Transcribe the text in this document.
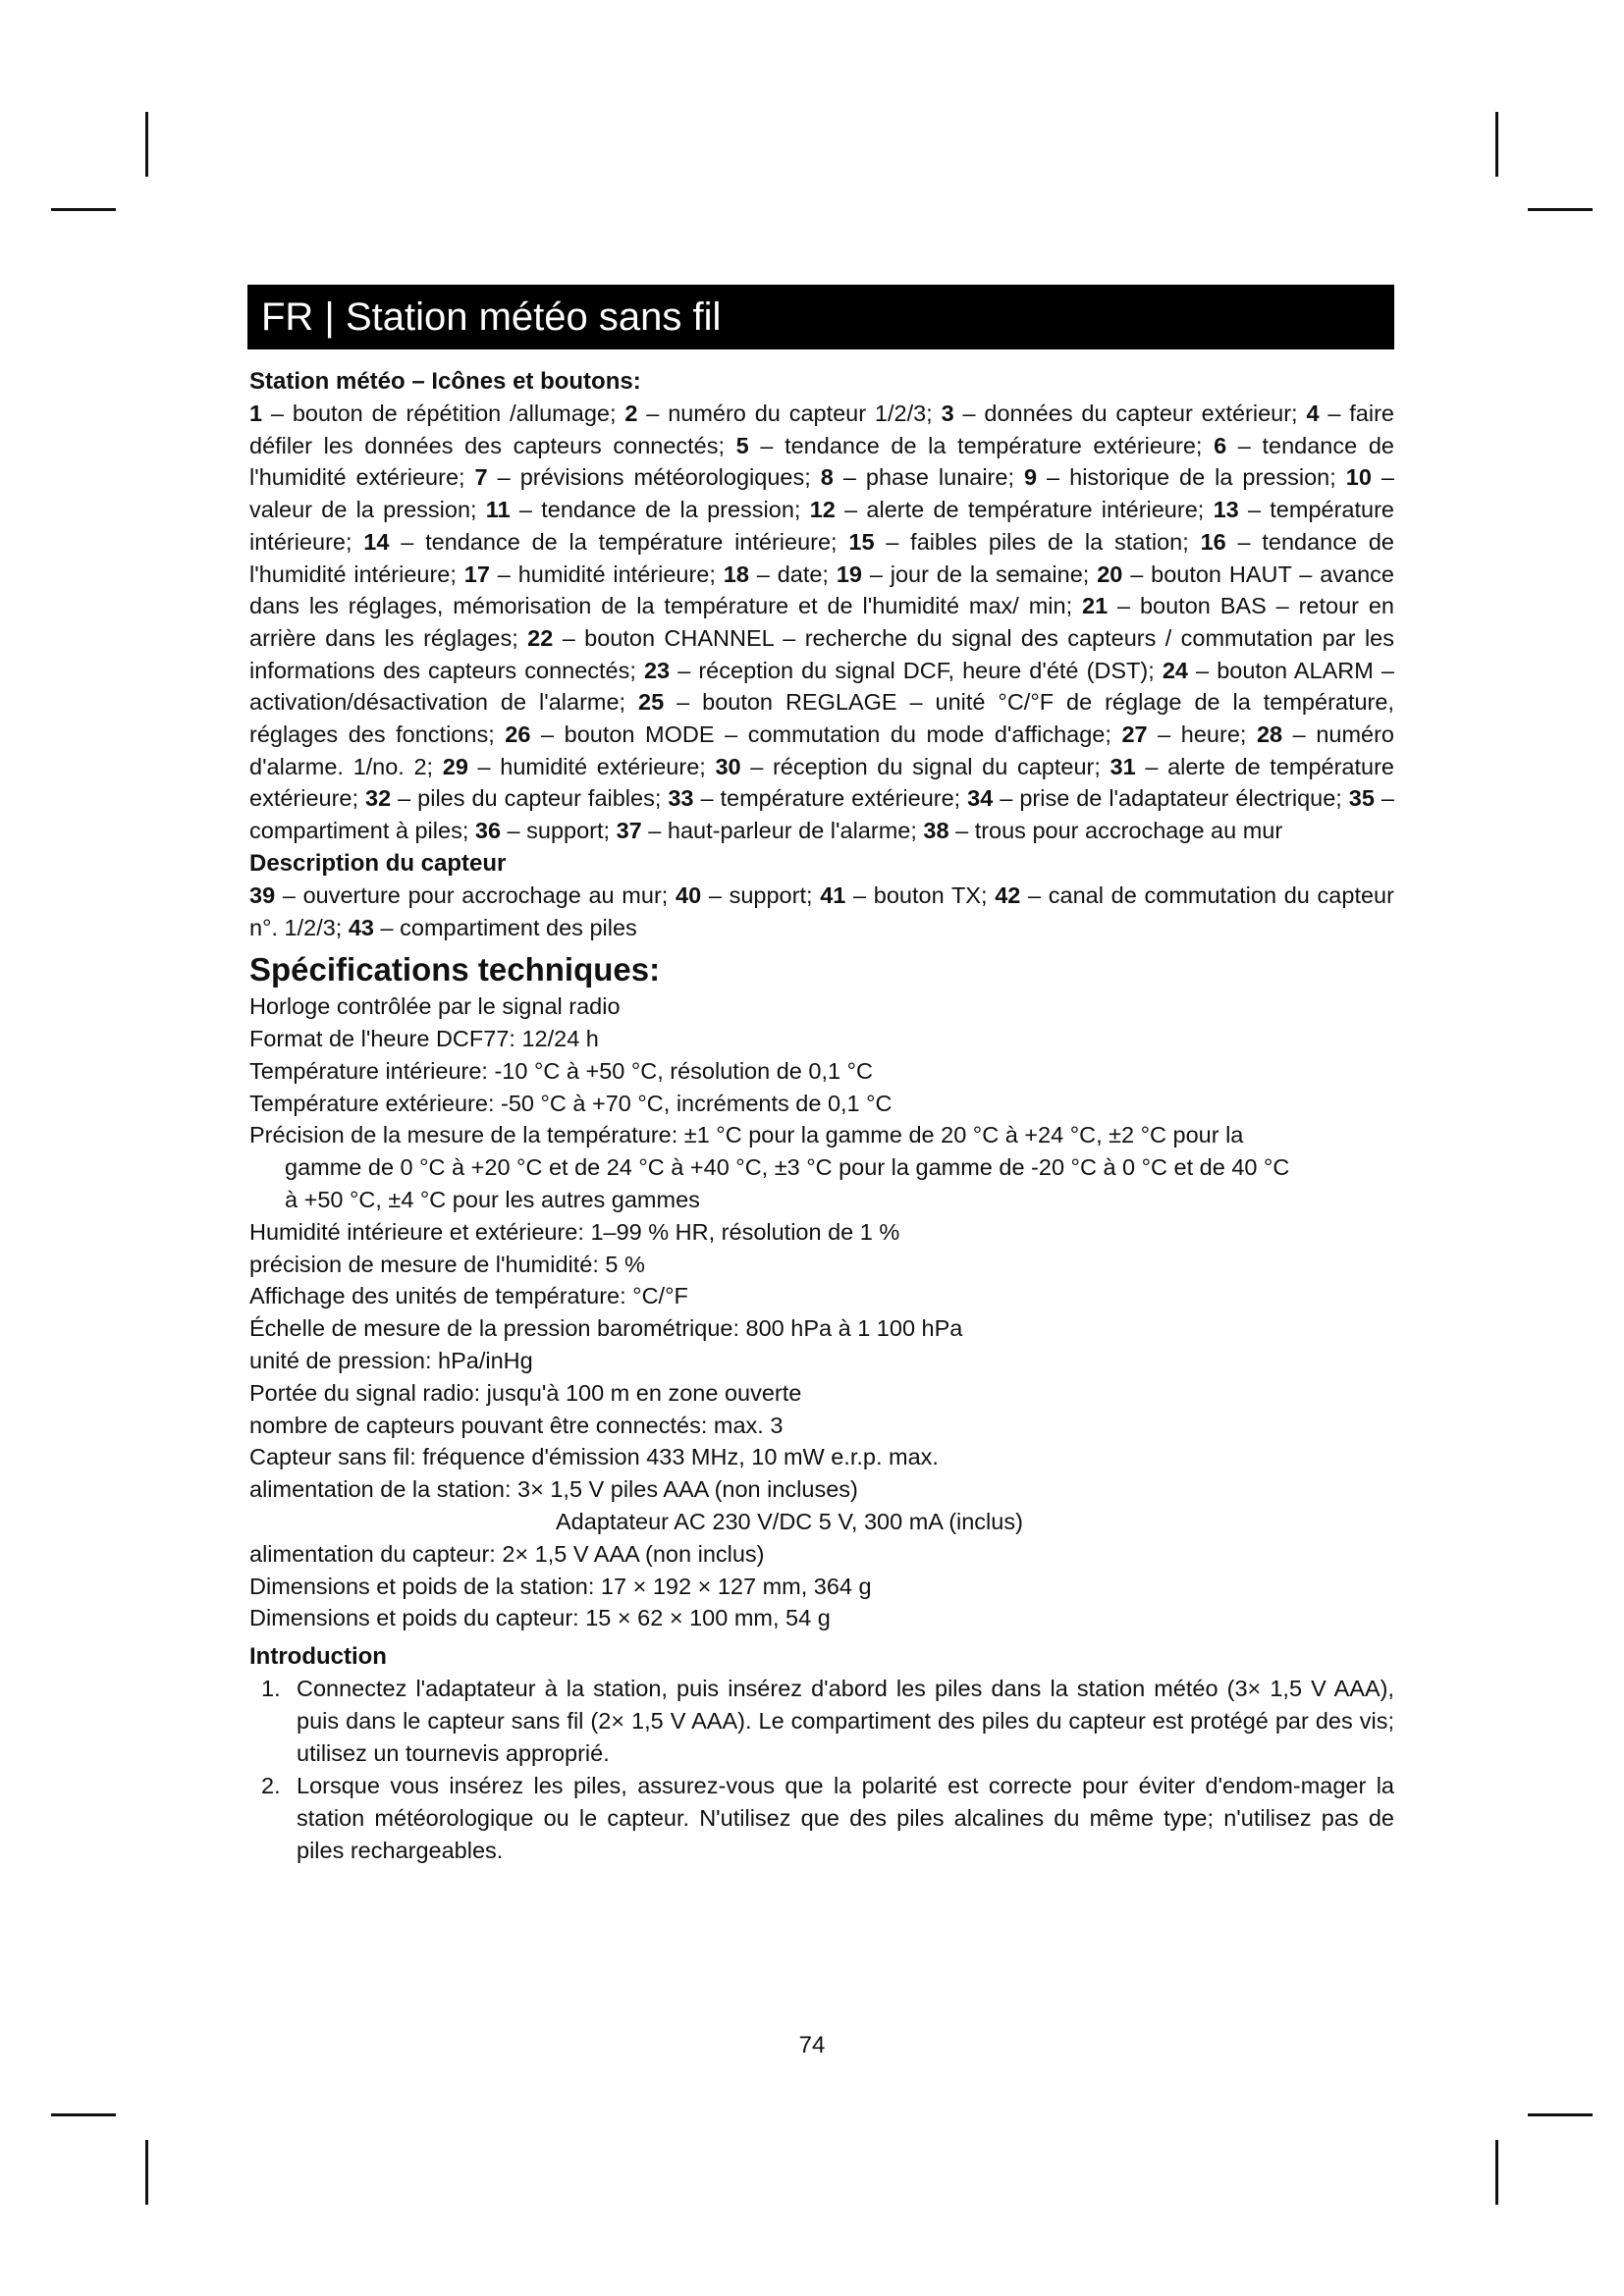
FR | Station météo sans fil
Station météo – Icônes et boutons:
1 – bouton de répétition /allumage; 2 – numéro du capteur 1/2/3; 3 – données du capteur extérieur; 4 – faire défiler les données des capteurs connectés; 5 – tendance de la température extérieure; 6 – tendance de l'humidité extérieure; 7 – prévisions météorologiques; 8 – phase lunaire; 9 – historique de la pression; 10 – valeur de la pression; 11 – tendance de la pression; 12 – alerte de température intérieure; 13 – température intérieure; 14 – tendance de la température intérieure; 15 – faibles piles de la station; 16 – tendance de l'humidité intérieure; 17 – humidité intérieure; 18 – date; 19 – jour de la semaine; 20 – bouton HAUT – avance dans les réglages, mémorisation de la température et de l'humidité max/ min; 21 – bouton BAS – retour en arrière dans les réglages; 22 – bouton CHANNEL – recherche du signal des capteurs / commutation par les informations des capteurs connectés; 23 – réception du signal DCF, heure d'été (DST); 24 – bouton ALARM – activation/désactivation de l'alarme; 25 – bouton REGLAGE – unité °C/°F de réglage de la température, réglages des fonctions; 26 – bouton MODE – commutation du mode d'affichage; 27 – heure; 28 – numéro d'alarme. 1/no. 2; 29 – humidité extérieure; 30 – réception du signal du capteur; 31 – alerte de température extérieure; 32 – piles du capteur faibles; 33 – température extérieure; 34 – prise de l'adaptateur électrique; 35 – compartiment à piles; 36 – support; 37 – haut-parleur de l'alarme; 38 – trous pour accrochage au mur
Description du capteur
39 – ouverture pour accrochage au mur; 40 – support; 41 – bouton TX; 42 – canal de commutation du capteur n°. 1/2/3; 43 – compartiment des piles
Spécifications techniques:
Horloge contrôlée par le signal radio
Format de l'heure DCF77: 12/24 h
Température intérieure: -10 °C à +50 °C, résolution de 0,1 °C
Température extérieure: -50 °C à +70 °C, incréments de 0,1 °C
Précision de la mesure de la température: ±1 °C pour la gamme de 20 °C à +24 °C, ±2 °C pour la
gamme de 0 °C à +20 °C et de 24 °C à +40 °C, ±3 °C pour la gamme de -20 °C à 0 °C et de 40 °C
à +50 °C, ±4 °C pour les autres gammes
Humidité intérieure et extérieure: 1–99 % HR, résolution de 1 %
précision de mesure de l'humidité: 5 %
Affichage des unités de température: °C/°F
Échelle de mesure de la pression barométrique: 800 hPa à 1 100 hPa
unité de pression: hPa/inHg
Portée du signal radio: jusqu'à 100 m en zone ouverte
nombre de capteurs pouvant être connectés: max. 3
Capteur sans fil: fréquence d'émission 433 MHz, 10 mW e.r.p. max.
alimentation de la station: 3× 1,5 V piles AAA (non incluses)
Adaptateur AC 230 V/DC 5 V, 300 mA (inclus)
alimentation du capteur: 2× 1,5 V AAA (non inclus)
Dimensions et poids de la station: 17 × 192 × 127 mm, 364 g
Dimensions et poids du capteur: 15 × 62 × 100 mm, 54 g
Introduction
1. Connectez l'adaptateur à la station, puis insérez d'abord les piles dans la station météo (3× 1,5 V AAA), puis dans le capteur sans fil (2× 1,5 V AAA). Le compartiment des piles du capteur est protégé par des vis; utilisez un tournevis approprié.
2. Lorsque vous insérez les piles, assurez-vous que la polarité est correcte pour éviter d'endom-mager la station météorologique ou le capteur. N'utilisez que des piles alcalines du même type; n'utilisez pas de piles rechargeables.
74
